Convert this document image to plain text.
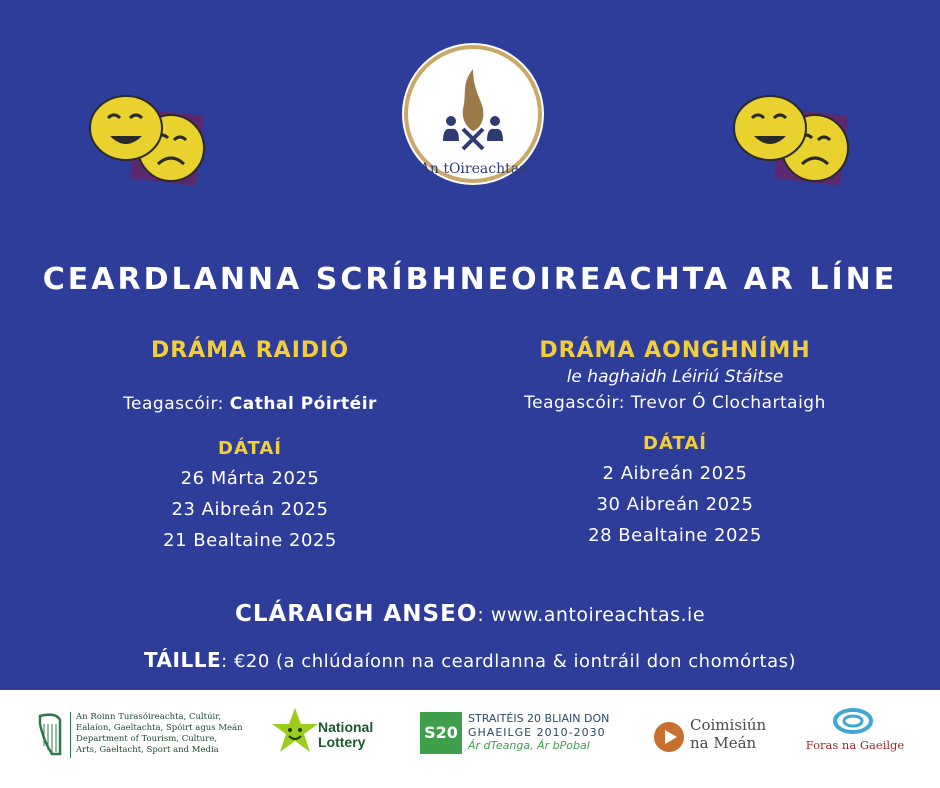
An tOireachtas
CEARDLANNA SCRÍBHNEOIREACHTA AR LÍNE
DRÁMA RAIDIÓ
Teagascóir: Cathal Póirtéir
DÁTAÍ
26 Márta 2025
23 Aibreán 2025
21 Bealtaine 2025
DRÁMA AONGHNÍMH
le haghaidh Léiriú Stáitse
Teagascóir: Trevor Ó Clochartaigh
DÁTAÍ
2 Aibreán 2025
30 Aibreán 2025
28 Bealtaine 2025
CLÁRAIGH ANSEO: www.antoireachtas.ie
TÁILLE: €20 (a chlúdaíonn na ceardlanna & iontráil don chomórtas)
An Roinn Turasóireachta, Cultúir,
Ealaíon, Gaeltachta, Spóirt agus Meán
Department of Tourism, Culture,
Arts, Gaeltacht, Sport and Media
National
Lottery	S20
STRAITÉIS 20 BLIAIN DON
GHAEILGE 2010-2030
Ár dTeanga, Ár bPobal
Coimisiún
na Meán	Foras na Gaeilge
